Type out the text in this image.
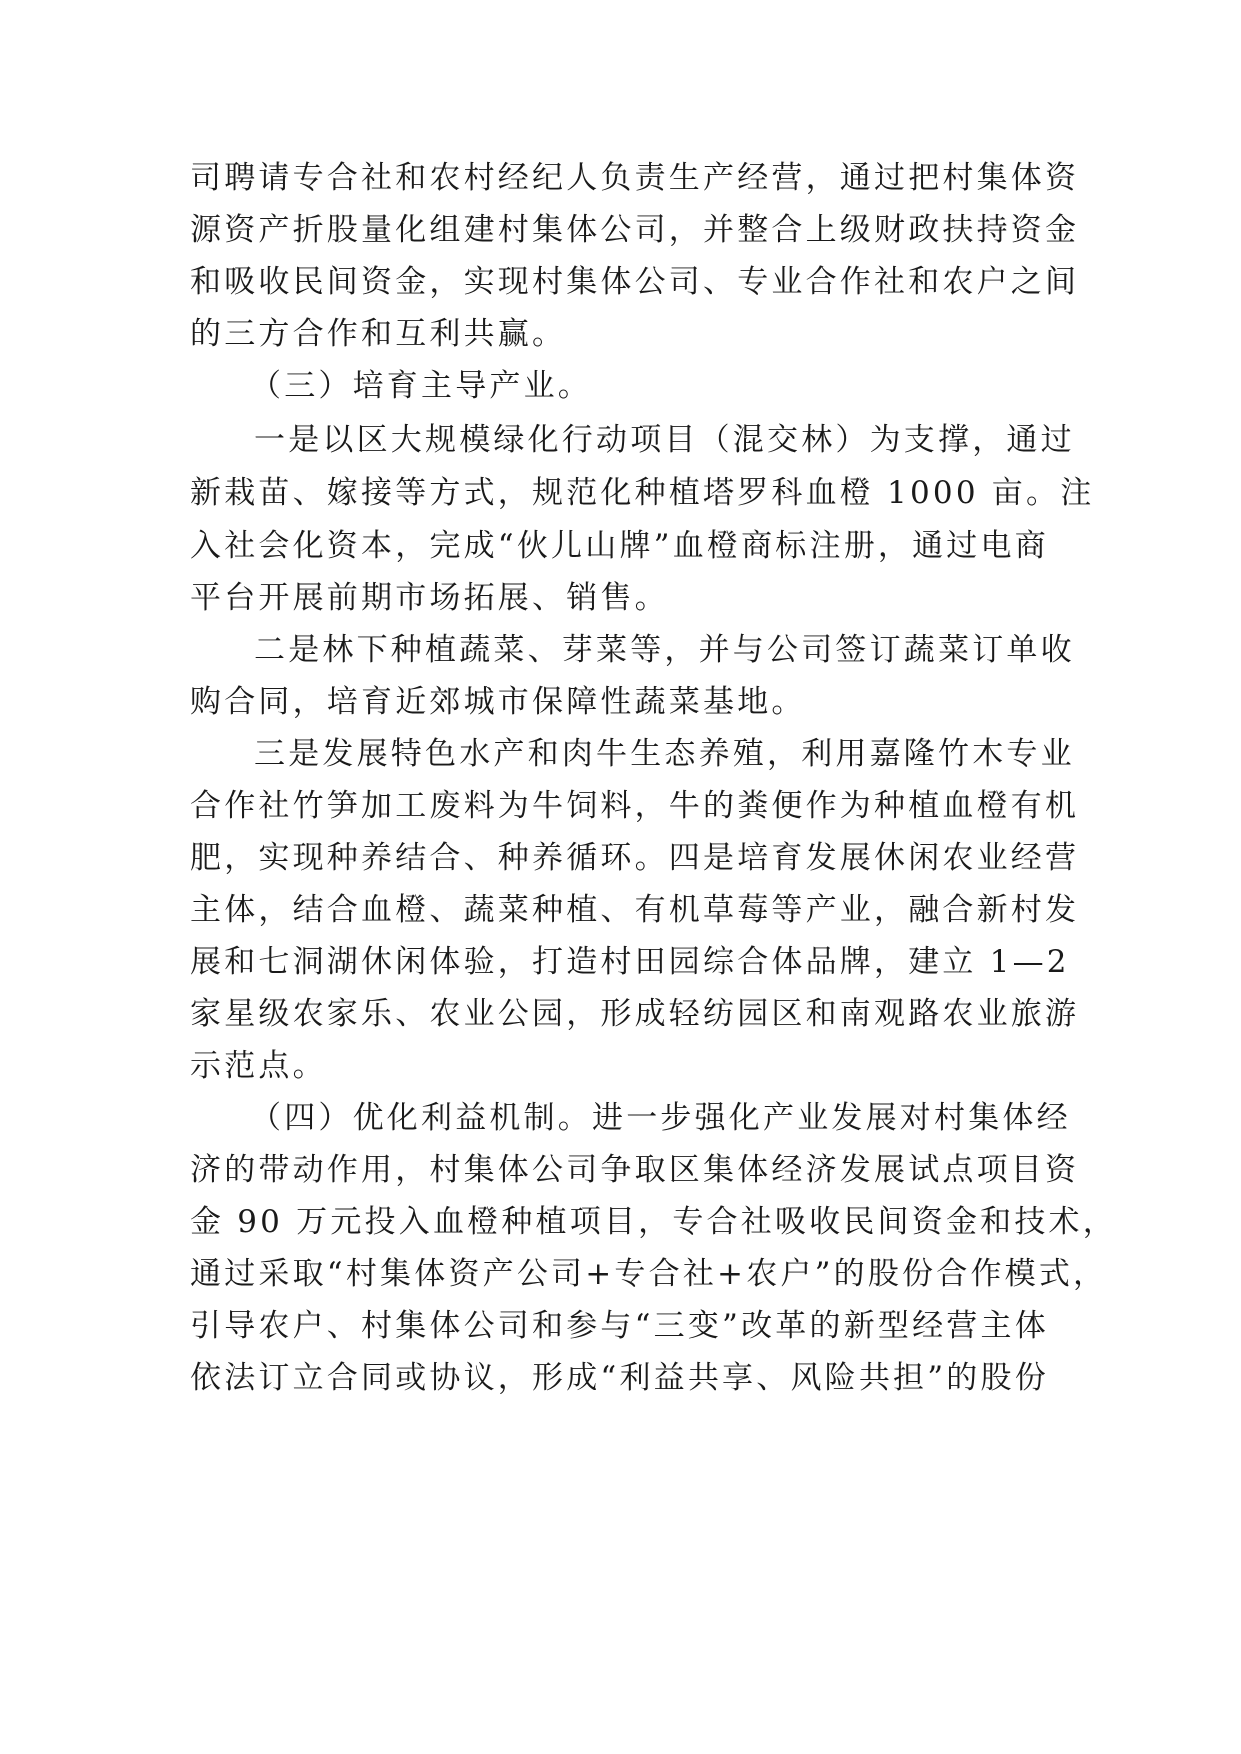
司聘请专合社和农村经纪人负责生产经营，通过把村集体资
源资产折股量化组建村集体公司，并整合上级财政扶持资金
和吸收民间资金，实现村集体公司、专业合作社和农户之间
的三方合作和互利共赢。
（三）培育主导产业。
一是以区大规模绿化行动项目（混交林）为支撑，通过
新栽苗、嫁接等方式，规范化种植塔罗科血橙 1000 亩。注
入社会化资本，完成“伙儿山牌”血橙商标注册，通过电商
平台开展前期市场拓展、销售。
二是林下种植蔬菜、芽菜等，并与公司签订蔬菜订单收
购合同，培育近郊城市保障性蔬菜基地。
三是发展特色水产和肉牛生态养殖，利用嘉隆竹木专业
合作社竹笋加工废料为牛饲料，牛的粪便作为种植血橙有机
肥，实现种养结合、种养循环。四是培育发展休闲农业经营
主体，结合血橙、蔬菜种植、有机草莓等产业，融合新村发
展和七洞湖休闲体验，打造村田园综合体品牌，建立 1—2
家星级农家乐、农业公园，形成轻纺园区和南观路农业旅游
示范点。
（四）优化利益机制。进一步强化产业发展对村集体经
济的带动作用，村集体公司争取区集体经济发展试点项目资
金 90 万元投入血橙种植项目，专合社吸收民间资金和技术，
通过采取“村集体资产公司+专合社+农户”的股份合作模式，
引导农户、村集体公司和参与“三变”改革的新型经营主体
依法订立合同或协议，形成“利益共享、风险共担”的股份
